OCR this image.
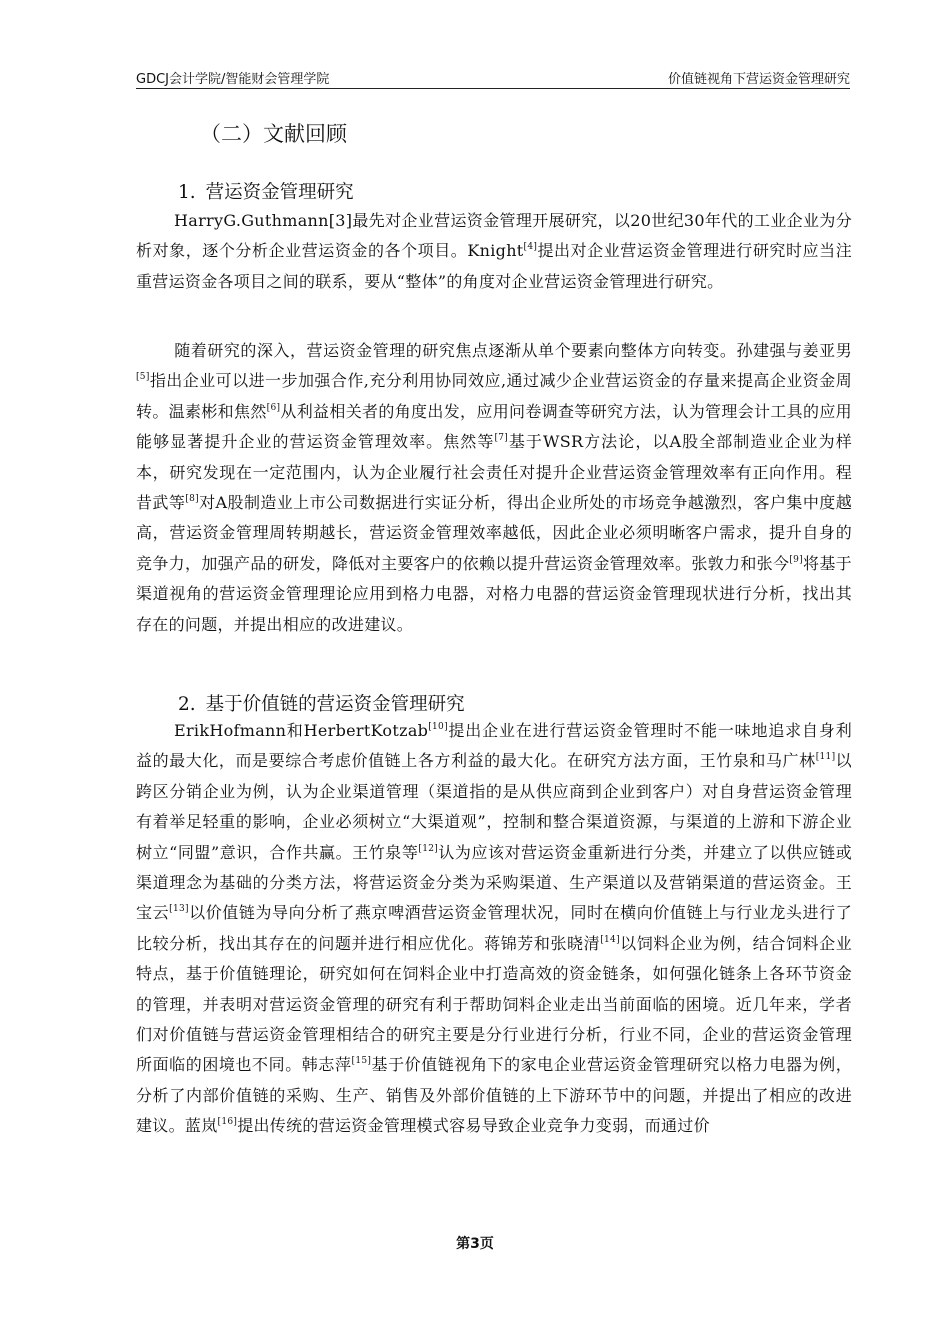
GDCJ会计学院/智能财会管理学院	价值链视角下营运资金管理研究
（二）文献回顾
1. 营运资金管理研究

HarryG.Guthmann[3]最先对企业营运资金管理开展研究，以20世纪30年代的工业企业为分析对象，逐个分析企业营运资金的各个项目。Knight[4]提出对企业营运资金管理进行研究时应当注重营运资金各项目之间的联系，要从“整体”的角度对企业营运资金管理进行研究。

随着研究的深入，营运资金管理的研究焦点逐渐从单个要素向整体方向转变。孙建强与姜亚男[5]指出企业可以进一步加强合作,充分利用协同效应,通过减少企业营运资金的存量来提高企业资金周转。温素彬和焦然[6]从利益相关者的角度出发，应用问卷调查等研究方法，认为管理会计工具的应用能够显著提升企业的营运资金管理效率。焦然等[7]基于WSR方法论，以A股全部制造业企业为样本，研究发现在一定范围内，认为企业履行社会责任对提升企业营运资金管理效率有正向作用。程昔武等[8]对A股制造业上市公司数据进行实证分析，得出企业所处的市场竞争越激烈，客户集中度越高，营运资金管理周转期越长，营运资金管理效率越低，因此企业必须明晰客户需求，提升自身的竞争力，加强产品的研发，降低对主要客户的依赖以提升营运资金管理效率。张敦力和张今[9]将基于渠道视角的营运资金管理理论应用到格力电器，对格力电器的营运资金管理现状进行分析，找出其存在的问题，并提出相应的改进建议。

2. 基于价值链的营运资金管理研究

ErikHofmann和HerbertKotzab[10]提出企业在进行营运资金管理时不能一味地追求自身利益的最大化，而是要综合考虑价值链上各方利益的最大化。在研究方法方面，王竹泉和马广林[11]以跨区分销企业为例，认为企业渠道管理（渠道指的是从供应商到企业到客户）对自身营运资金管理有着举足轻重的影响，企业必须树立“大渠道观”，控制和整合渠道资源，与渠道的上游和下游企业树立“同盟”意识，合作共赢。王竹泉等[12]认为应该对营运资金重新进行分类，并建立了以供应链或渠道理念为基础的分类方法，将营运资金分类为采购渠道、生产渠道以及营销渠道的营运资金。王宝云[13]以价值链为导向分析了燕京啤酒营运资金管理状况，同时在横向价值链上与行业龙头进行了比较分析，找出其存在的问题并进行相应优化。蒋锦芳和张晓清[14]以饲料企业为例，结合饲料企业特点，基于价值链理论，研究如何在饲料企业中打造高效的资金链条，如何强化链条上各环节资金的管理，并表明对营运资金管理的研究有利于帮助饲料企业走出当前面临的困境。近几年来，学者们对价值链与营运资金管理相结合的研究主要是分行业进行分析，行业不同，企业的营运资金管理所面临的困境也不同。韩志萍[15]基于价值链视角下的家电企业营运资金管理研究以格力电器为例，分析了内部价值链的采购、生产、销售及外部价值链的上下游环节中的问题，并提出了相应的改进建议。蓝岚[16]提出传统的营运资金管理模式容易导致企业竞争力变弱，而通过价

第3页
